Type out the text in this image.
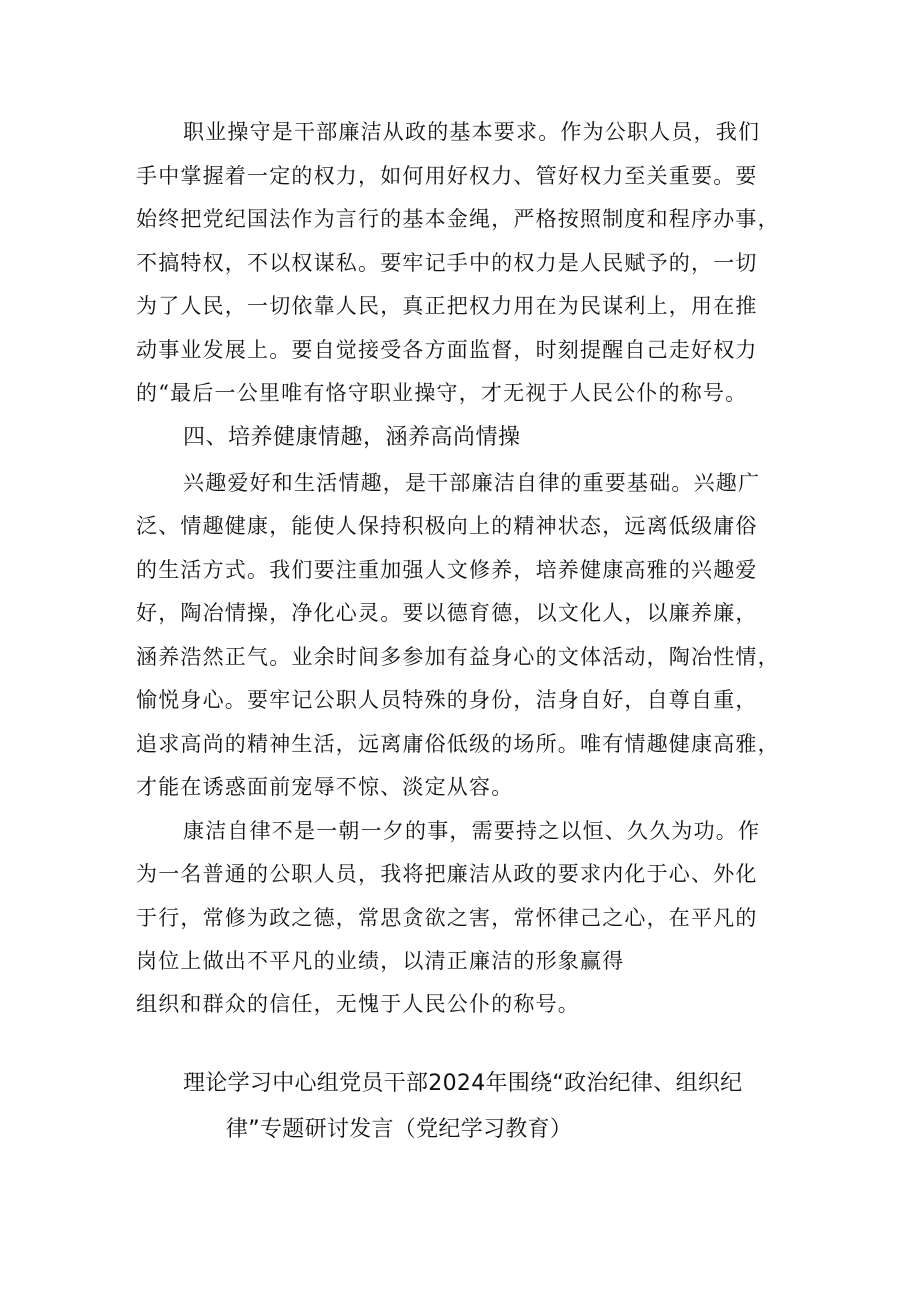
职业操守是干部廉洁从政的基本要求。作为公职人员，我们
手中掌握着一定的权力，如何用好权力、管好权力至关重要。要
始终把党纪国法作为言行的基本金绳，严格按照制度和程序办事，
不搞特权，不以权谋私。要牢记手中的权力是人民赋予的，一切
为了人民，一切依靠人民，真正把权力用在为民谋利上，用在推
动事业发展上。要自觉接受各方面监督，时刻提醒自己走好权力
的“最后一公里唯有恪守职业操守，才无视于人民公仆的称号。
四、培养健康情趣，涵养高尚情操
兴趣爱好和生活情趣，是干部廉洁自律的重要基础。兴趣广
泛、情趣健康，能使人保持积极向上的精神状态，远离低级庸俗
的生活方式。我们要注重加强人文修养，培养健康高雅的兴趣爱
好，陶冶情操，净化心灵。要以德育德，以文化人，以廉养廉，
涵养浩然正气。业余时间多参加有益身心的文体活动，陶冶性情，
愉悦身心。要牢记公职人员特殊的身份，洁身自好，自尊自重，
追求高尚的精神生活，远离庸俗低级的场所。唯有情趣健康高雅，
才能在诱惑面前宠辱不惊、淡定从容。
康洁自律不是一朝一夕的事，需要持之以恒、久久为功。作
为一名普通的公职人员，我将把廉洁从政的要求内化于心、外化
于行，常修为政之德，常思贪欲之害，常怀律己之心，在平凡的
岗位上做出不平凡的业绩，以清正廉洁的形象赢得
组织和群众的信任，无愧于人民公仆的称号。
理论学习中心组党员干部2024年围绕“政治纪律、组织纪
律”专题研讨发言（党纪学习教育）
